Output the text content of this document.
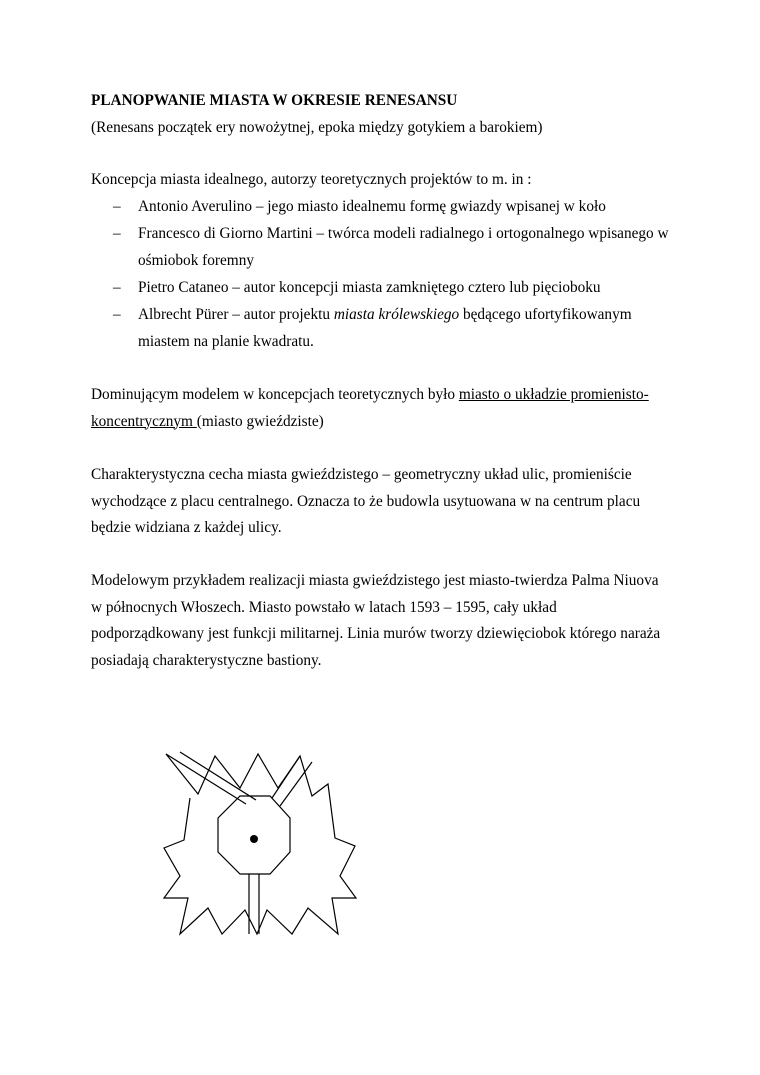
PLANOPWANIE MIASTA W OKRESIE RENESANSU

(Renesans początek ery nowożytnej, epoka między gotykiem a barokiem)

Koncepcja miasta idealnego, autorzy teoretycznych projektów to m. in :

– Antonio Averulino – jego miasto idealnemu formę gwiazdy wpisanej w koło
– Francesco di Giorno Martini – twórca modeli radialnego i ortogonalnego wpisanego w
ośmiobok foremny
– Pietro Cataneo – autor koncepcji miasta zamkniętego cztero lub pięcioboku
– Albrecht Pürer – autor projektu miasta królewskiego będącego ufortyfikowanym
miastem na planie kwadratu.

Dominującym modelem w koncepcjach teoretycznych było miasto o układzie promienisto-
koncentrycznym (miasto gwieździste)

Charakterystyczna cecha miasta gwieździstego – geometryczny układ ulic, promieniście
wychodzące z placu centralnego. Oznacza to że budowla usytuowana w na centrum placu
będzie widziana z każdej ulicy.

Modelowym przykładem realizacji miasta gwieździstego jest miasto-twierdza Palma Niuova
w północnych Włoszech. Miasto powstało w latach 1593 – 1595, cały układ
podporządkowany jest funkcji militarnej. Linia murów tworzy dziewięciobok którego naraża
posiadają charakterystyczne bastiony.
